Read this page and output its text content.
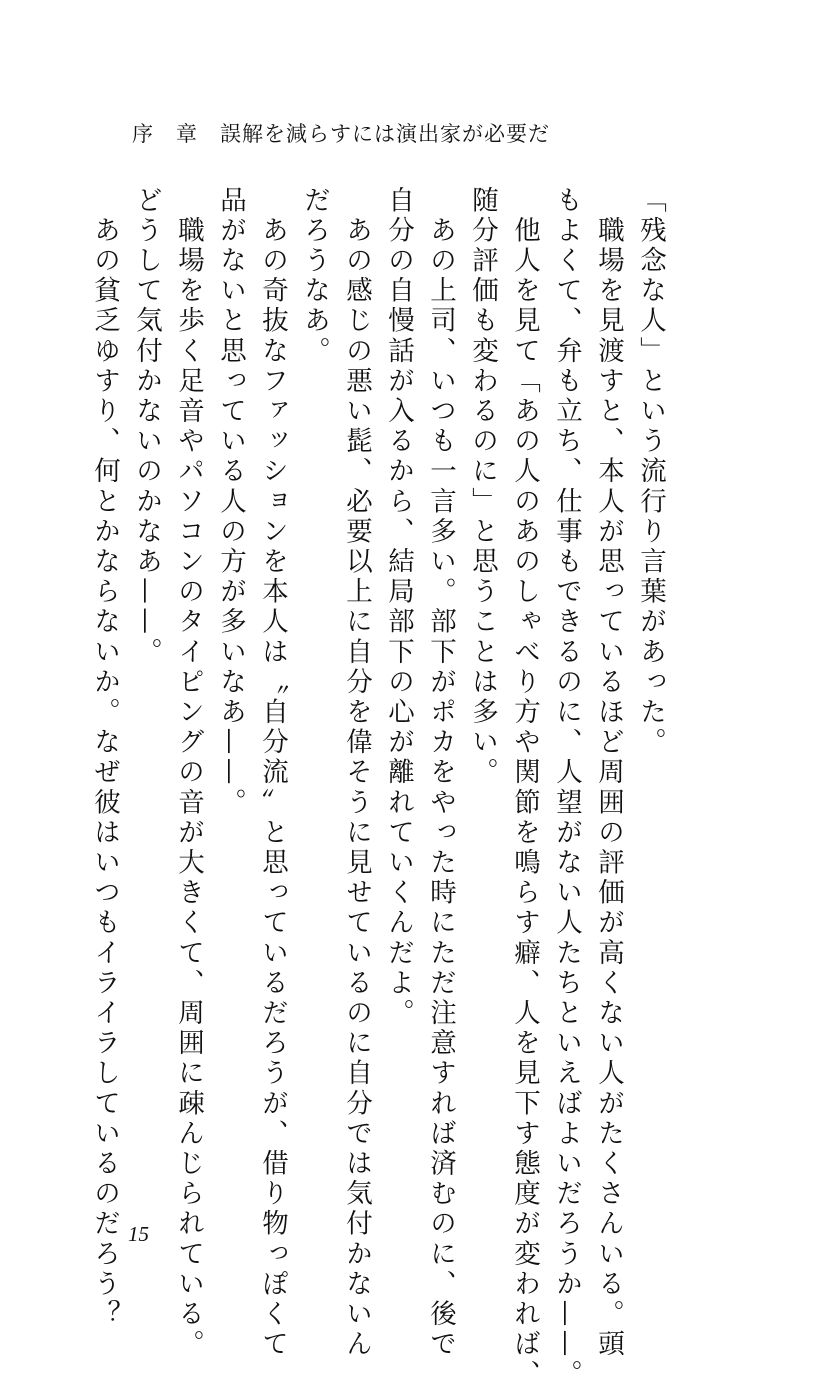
序　章　誤解を減らすには演出家が必要だ
「残念な人」という流行り言葉があった。
　職場を見渡すと、本人が思っているほど周囲の評価が高くない人がたくさんいる。頭
もよくて、弁も立ち、仕事もできるのに、人望がない人たちといえばよいだろうか——。
　他人を見て「あの人のあのしゃべり方や関節を鳴らす癖、人を見下す態度が変われば、
随分評価も変わるのに」と思うことは多い。
　あの上司、いつも一言多い。部下がポカをやった時にただ注意すれば済むのに、後で
自分の自慢話が入るから、結局部下の心が離れていくんだよ。
　あの感じの悪い髭、必要以上に自分を偉そうに見せているのに自分では気付かないん
だろうなあ。
　あの奇抜なファッションを本人は〝自分流〟と思っているだろうが、借り物っぽくて
品がないと思っている人の方が多いなあ——。
　職場を歩く足音やパソコンのタイピングの音が大きくて、周囲に疎んじられている。
どうして気付かないのかなあ——。
　あの貧乏ゆすり、何とかならないか。なぜ彼はいつもイライラしているのだろう？ 15
